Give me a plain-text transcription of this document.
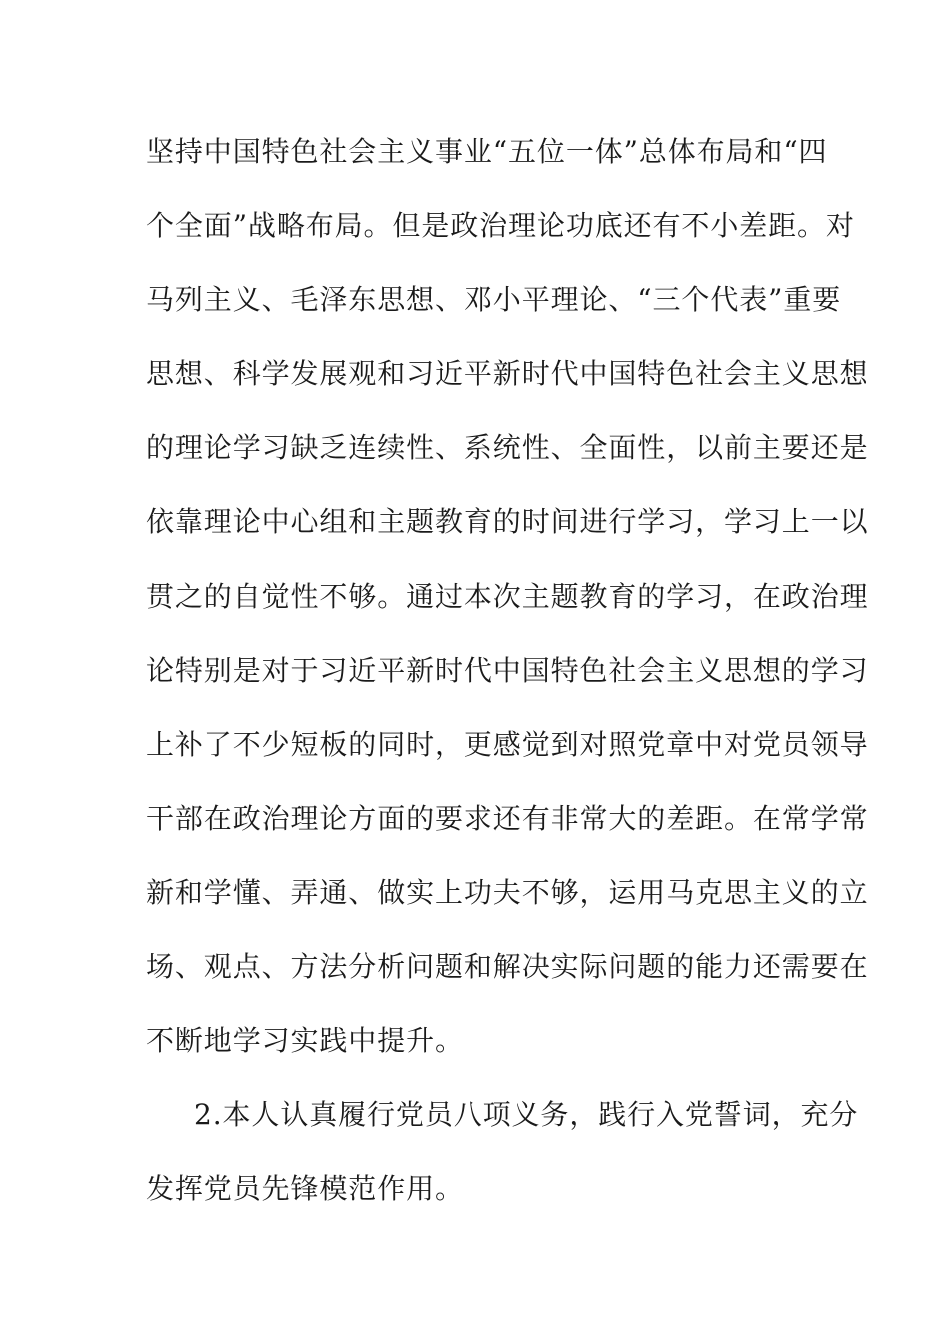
坚持中国特色社会主义事业“五位一体”总体布局和“四
个全面”战略布局。但是政治理论功底还有不小差距。对
马列主义、毛泽东思想、邓小平理论、“三个代表”重要
思想、科学发展观和习近平新时代中国特色社会主义思想
的理论学习缺乏连续性、系统性、全面性，以前主要还是
依靠理论中心组和主题教育的时间进行学习，学习上一以
贯之的自觉性不够。通过本次主题教育的学习，在政治理
论特别是对于习近平新时代中国特色社会主义思想的学习
上补了不少短板的同时，更感觉到对照党章中对党员领导
干部在政治理论方面的要求还有非常大的差距。在常学常
新和学懂、弄通、做实上功夫不够，运用马克思主义的立
场、观点、方法分析问题和解决实际问题的能力还需要在
不断地学习实践中提升。
2.本人认真履行党员八项义务，践行入党誓词，充分
发挥党员先锋模范作用。
